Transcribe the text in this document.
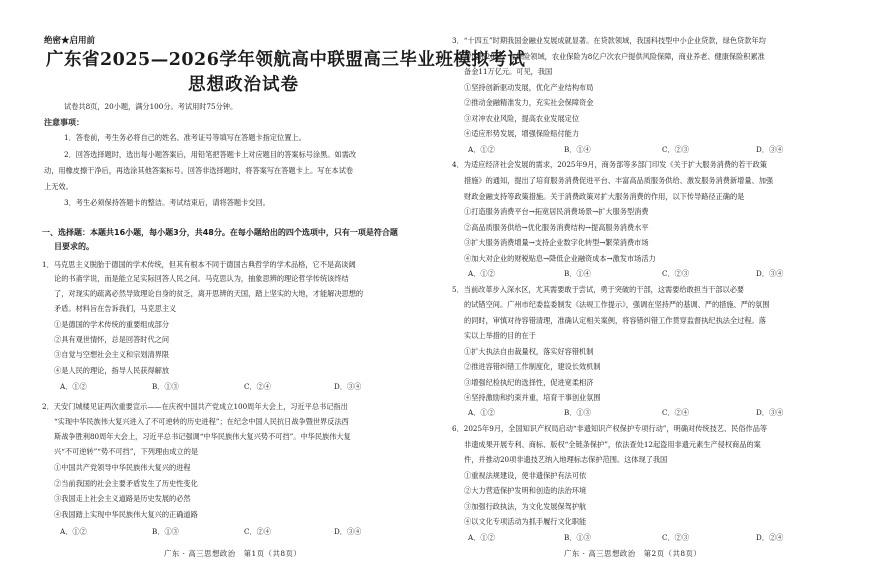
绝密★启用前
广东省2025—2026学年领航高中联盟高三毕业班模拟考试
思想政治试卷
试卷共8页，20小题，满分100分。考试用时75分钟。
注意事项：
1．答卷前，考生务必将自己的姓名、准考证号等填写在答题卡指定位置上。
2．回答选择题时，选出每小题答案后，用铅笔把答题卡上对应题目的答案标号涂黑。如需改
动，用橡皮擦干净后，再选涂其他答案标号。回答非选择题时，将答案写在答题卡上。写在本试卷
上无效。
3．考生必须保持答题卡的整洁。考试结束后，请将答题卡交回。
一、选择题：本题共16小题，每小题3分，共48分。在每小题给出的四个选项中，只有一项是符合题
目要求的。
1．马克思主义脱胎于德国的学术传统，但其有根本不同于德国古典哲学的学术品格，它不是高谈阔
论的书斋学说，而是能立足实际回答人民之问。马克思认为，抽象思辨的理论哲学传统该终结
了，对现实的疏离必然导致理论自身的贫乏，离开思辨的天国，踏上坚实的大地，才能解决思想的
矛盾。材料旨在告诉我们，马克思主义
①是德国的学术传统的重要组成部分
②具有观世情怀，总是回答时代之问
③自觉与空想社会主义和宗划清界限
④是人民的理论，指导人民获得解放
A．①②	B．①③	C．②④	D．③④
2．天安门城楼见证两次重要宣示——在庆祝中国共产党成立100周年大会上，习近平总书记指出
“实现中华民族伟大复兴进入了不可逆转的历史进程”；在纪念中国人民抗日战争暨世界反法西
斯战争胜利80周年大会上，习近平总书记强调“中华民族伟大复兴势不可挡”。中华民族伟大复
兴“不可逆转”“势不可挡”，下列理由成立的是
①中国共产党领导中华民族伟大复兴的进程
②当前我国的社会主要矛盾发生了历史性变化
③我国走上社会主义道路是历史发展的必然
④我国踏上实现中华民族伟大复兴的正确道路
A．①②	B．①③	C．②④	D．③④
广东 · 高三思想政治　第1页（共8页）
3．“十四五”时期我国金融业发展成就显著。在贷款领域，我国科技型中小企业贷款，绿色贷款年均
增速超20%。在保险领域，农业保险为8亿户次农户提供风险保障，商业养老、健康保险积累准
备金11万亿元。可见，我国
①坚持创新驱动发展，优化产业结构布局
②推动金融精准发力，充实社会保障资金
③对冲农业风险，提高农业发展定位
④适应形势发展，增强保险赔付能力
A．①②	B．①④	C．②③	D．③④
4．为适应经济社会发展的需求，2025年9月，商务部等多部门印发《关于扩大服务消费的若干政策
措施》的通知，提出了培育服务消费促进平台、丰富高品质服务供给、激发服务消费新增量、加强
财政金融支持等政策措施。关于消费政策对扩大服务消费的作用，以下传导路径正确的是
①打造服务消费平台→拓宽居民消费场景→扩大服务型消费
②高品质服务供给→优化服务消费结构→提高服务消费水平
③扩大服务消费增量→支持企业数字化转型→繁荣消费市场
④加大对企业的财税贴息→降低企业融资成本→激发市场活力
A．①②	B．①④	C．②③	D．③④
5．当前改革步入深水区，尤其需要敢于尝试，勇于突破的干部，这需要给敢担当干部以必要
的试错空间。广州市纪委监委制发《法规工作提示》，强调在坚持严的基调、严的措施、严的氛围
的同时，审慎对待容错清理，准确认定相关案例，将容错纠错工作贯穿监督执纪执法全过程。落
实以上举措的目的在于
①扩大执法自由裁量权，落实好容错机制
②推进容错纠错工作制度化，建设长效机制
③增强纪检执纪的选择性，促进宽柔相济
④坚持激励和约束并重，培育干事创业氛围
A．①②	B．①③	C．②④	D．③④
6．2025年9月，全国知识产权局启动“非遗知识产权保护专项行动”，明确对传统技艺、民俗作品等
非遗成果开展专利、商标、版权“全链条保护”，依法查处12起盗用非遗元素生产侵权商品的案
件，并推动20项非遗技艺纳入地理标志保护范围。这体现了我国
①重视法规建设，使非遗保护有法可依
②大力营造保护发明和创造的法治环境
③加强行政执法，为文化发展保驾护航
④以文化专项活动为抓手履行文化职能
A．①②	B．①③	C．②③	D．②④
广东 · 高三思想政治　第2页（共8页）
